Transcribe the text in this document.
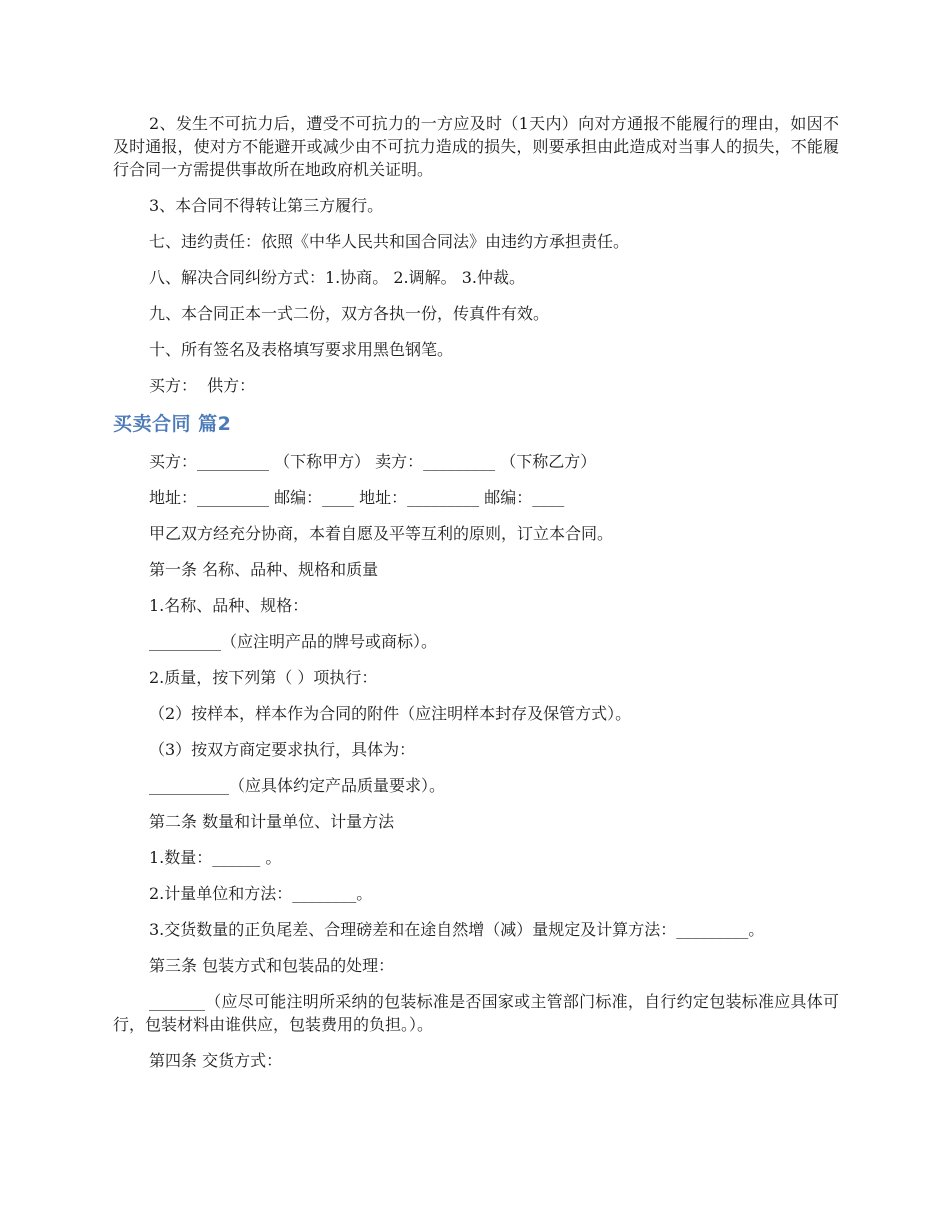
2、发生不可抗力后，遭受不可抗力的一方应及时（1天内）向对方通报不能履行的理由，如因不及时通报，使对方不能避开或减少由不可抗力造成的损失，则要承担由此造成对当事人的损失，不能履行合同一方需提供事故所在地政府机关证明。

3、本合同不得转让第三方履行。

七、违约责任：依照《中华人民共和国合同法》由违约方承担责任。

八、解决合同纠纷方式：1.协商。 2.调解。 3.仲裁。

九、本合同正本一式二份，双方各执一份，传真件有效。

十、所有签名及表格填写要求用黑色钢笔。

买方：  供方：

买卖合同 篇2

买方：_________ （下称甲方） 卖方：_________ （下称乙方）

地址：_________ 邮编：____ 地址：_________ 邮编：____

甲乙双方经充分协商，本着自愿及平等互利的原则，订立本合同。

第一条 名称、品种、规格和质量

1.名称、品种、规格：

_________（应注明产品的牌号或商标）。

2.质量，按下列第（ ）项执行：

（2）按样本，样本作为合同的附件（应注明样本封存及保管方式）。

（3）按双方商定要求执行，具体为：

__________（应具体约定产品质量要求）。

第二条 数量和计量单位、计量方法

1.数量：______ 。

2.计量单位和方法：________。

3.交货数量的正负尾差、合理磅差和在途自然增（减）量规定及计算方法：_________。

第三条 包装方式和包装品的处理：

_______（应尽可能注明所采纳的包装标准是否国家或主管部门标准，自行约定包装标准应具体可行，包装材料由谁供应，包装费用的负担。）。

第四条 交货方式：
